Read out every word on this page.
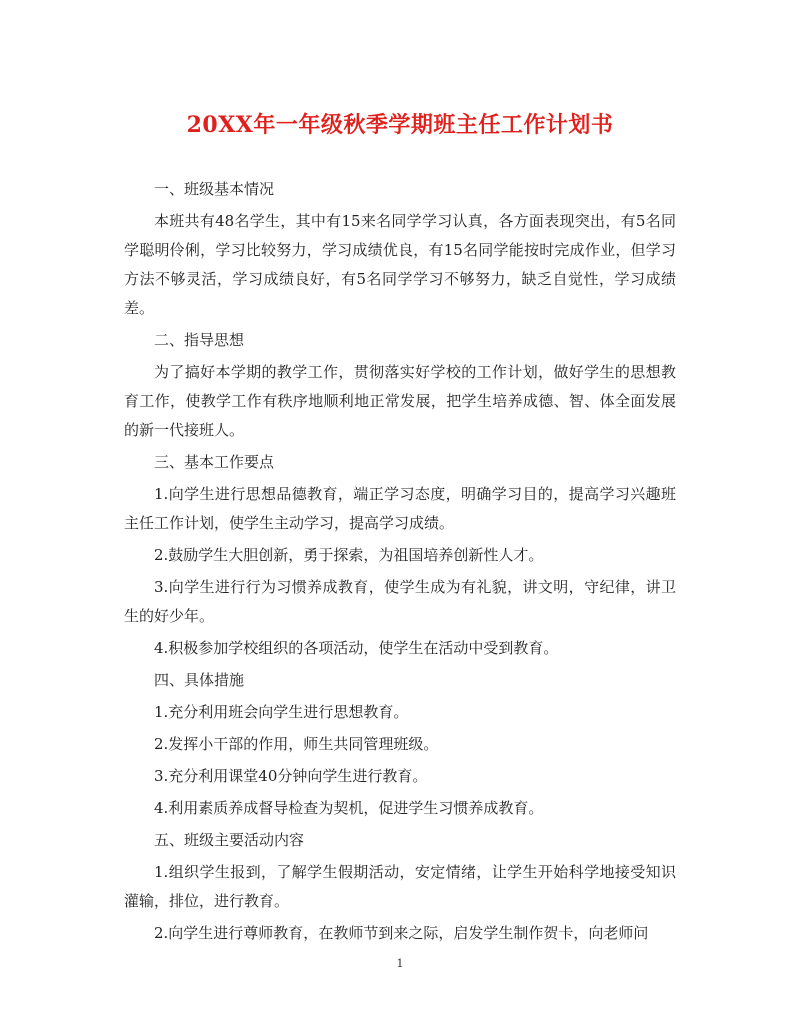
20XX年一年级秋季学期班主任工作计划书

一、班级基本情况

本班共有48名学生，其中有15来名同学学习认真，各方面表现突出，有5名同学聪明伶俐，学习比较努力，学习成绩优良，有15名同学能按时完成作业，但学习方法不够灵活，学习成绩良好，有5名同学学习不够努力，缺乏自觉性，学习成绩差。

二、指导思想

为了搞好本学期的教学工作，贯彻落实好学校的工作计划，做好学生的思想教育工作，使教学工作有秩序地顺利地正常发展，把学生培养成德、智、体全面发展的新一代接班人。

三、基本工作要点

1.向学生进行思想品德教育，端正学习态度，明确学习目的，提高学习兴趣班主任工作计划，使学生主动学习，提高学习成绩。

2.鼓励学生大胆创新，勇于探索，为祖国培养创新性人才。

3.向学生进行行为习惯养成教育，使学生成为有礼貌，讲文明，守纪律，讲卫生的好少年。

4.积极参加学校组织的各项活动，使学生在活动中受到教育。

四、具体措施

1.充分利用班会向学生进行思想教育。

2.发挥小干部的作用，师生共同管理班级。

3.充分利用课堂40分钟向学生进行教育。

4.利用素质养成督导检查为契机，促进学生习惯养成教育。

五、班级主要活动内容

1.组织学生报到，了解学生假期活动，安定情绪，让学生开始科学地接受知识灌输，排位，进行教育。

2.向学生进行尊师教育，在教师节到来之际，启发学生制作贺卡，向老师问

1
